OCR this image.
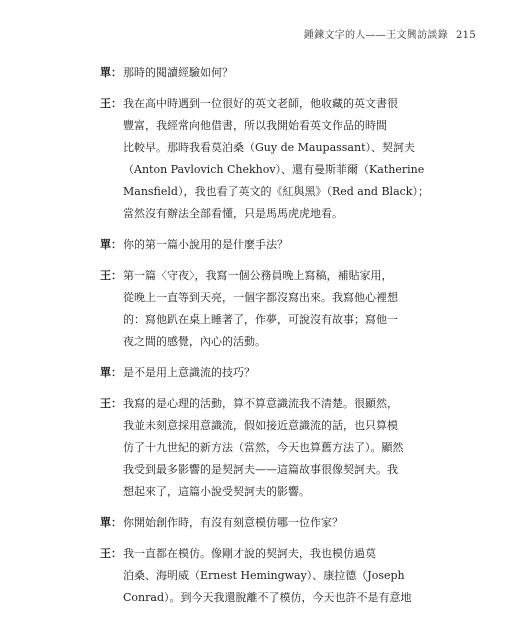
鍾鍊文字的人——王文興訪談錄 215
單： 那時的閱讀經驗如何？
王： 我在高中時遇到一位很好的英文老師，他收藏的英文書很
豐富，我經常向他借書，所以我開始看英文作品的時間
比較早。那時我看莫泊桑（Guy de Maupassant）、契訶夫
（Anton Pavlovich Chekhov）、還有曼斯菲爾（Katherine
Mansfield），我也看了英文的《紅與黑》（Red and Black）；
當然沒有辦法全部看懂，只是馬馬虎虎地看。
單： 你的第一篇小說用的是什麼手法？
王： 第一篇〈守夜〉，我寫一個公務員晚上寫稿，補貼家用，
從晚上一直等到天亮，一個字都沒寫出來。我寫他心裡想
的：寫他趴在桌上睡著了，作夢，可說沒有故事；寫他一
夜之間的感覺，內心的活動。
單： 是不是用上意識流的技巧？
王： 我寫的是心理的活動，算不算意識流我不清楚。很顯然，
我並未刻意採用意識流，假如接近意識流的話，也只算模
仿了十九世紀的新方法（當然，今天也算舊方法了）。顯然
我受到最多影響的是契訶夫——這篇故事很像契訶夫。我
想起來了，這篇小說受契訶夫的影響。
單： 你開始創作時，有沒有刻意模仿哪一位作家？
王： 我一直都在模仿。像剛才說的契訶夫，我也模仿過莫
泊桑、海明威（Ernest Hemingway）、康拉德（Joseph
Conrad）。到今天我還脫離不了模仿，今天也許不是有意地
